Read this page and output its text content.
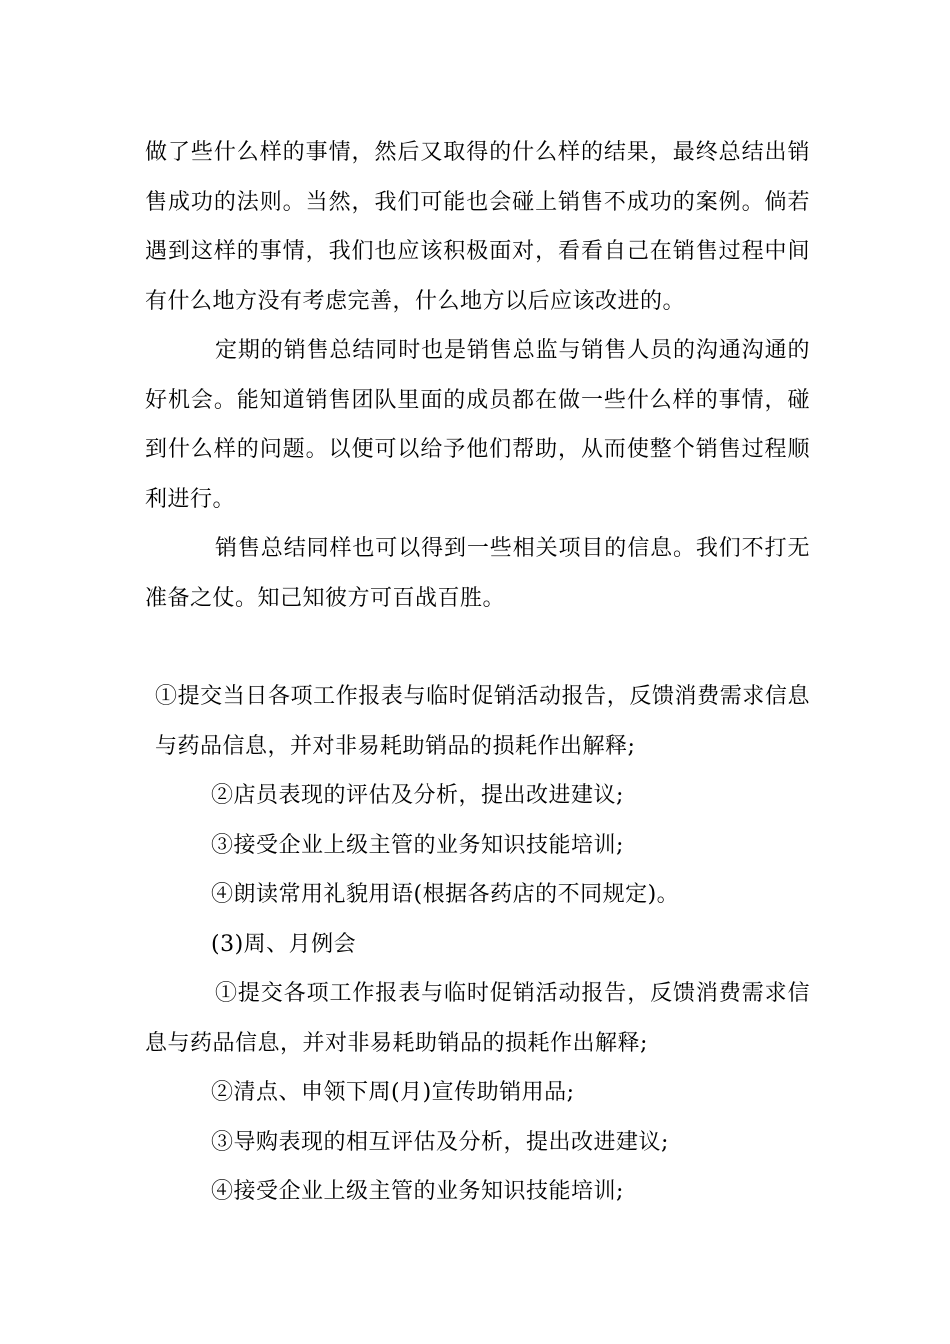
做了些什么样的事情，然后又取得的什么样的结果，最终总结出销售成功的法则。当然，我们可能也会碰上销售不成功的案例。倘若遇到这样的事情，我们也应该积极面对，看看自己在销售过程中间有什么地方没有考虑完善，什么地方以后应该改进的。

定期的销售总结同时也是销售总监与销售人员的沟通沟通的好机会。能知道销售团队里面的成员都在做一些什么样的事情，碰到什么样的问题。以便可以给予他们帮助，从而使整个销售过程顺利进行。

销售总结同样也可以得到一些相关项目的信息。我们不打无准备之仗。知己知彼方可百战百胜。

①提交当日各项工作报表与临时促销活动报告，反馈消费需求信息与药品信息，并对非易耗助销品的损耗作出解释;

②店员表现的评估及分析，提出改进建议;

③接受企业上级主管的业务知识技能培训;

④朗读常用礼貌用语(根据各药店的不同规定)。

(3)周、月例会

①提交各项工作报表与临时促销活动报告，反馈消费需求信息与药品信息，并对非易耗助销品的损耗作出解释;

②清点、申领下周(月)宣传助销用品;

③导购表现的相互评估及分析，提出改进建议;

④接受企业上级主管的业务知识技能培训;
